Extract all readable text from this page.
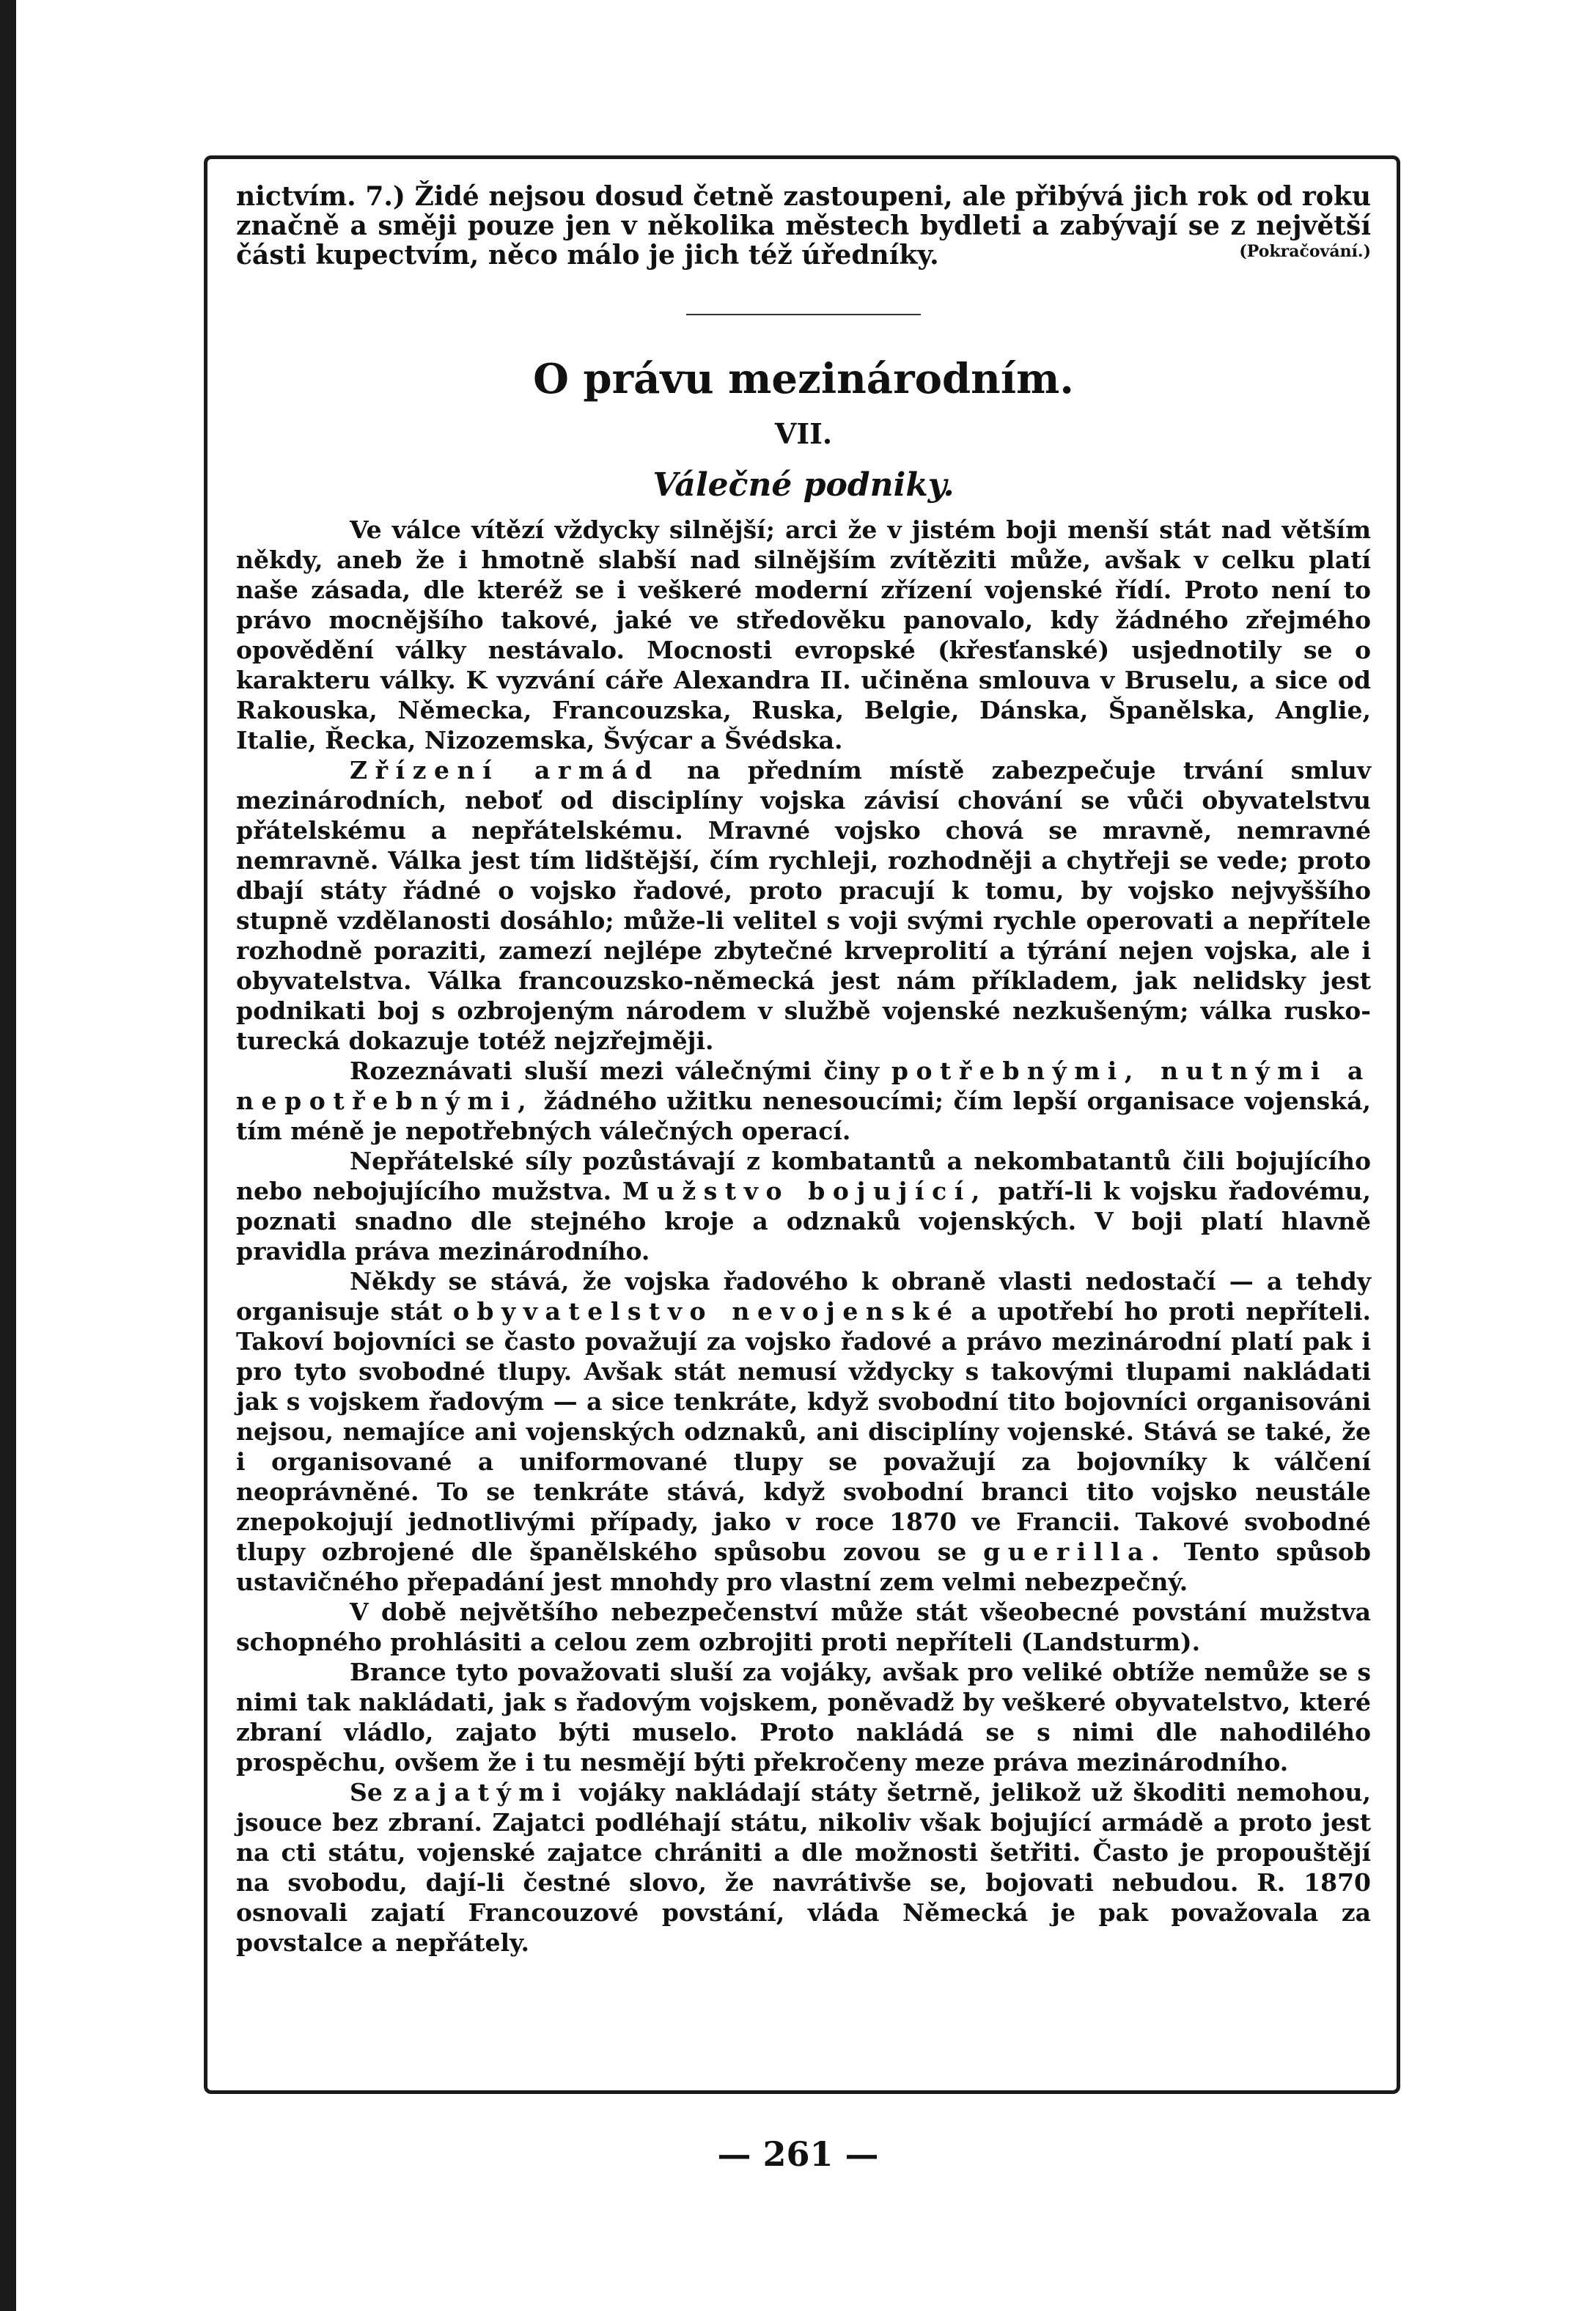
nictvím. 7.) Židé nejsou dosud četně zastoupeni, ale přibývá jich rok od roku značně a směji pouze jen v několika městech bydleti a zabývají se z největší části kupectvím, něco málo je jich též úředníky.	(Pokračování.)
O právu mezinárodním.
VII.
Válečné podniky.

Ve válce vítězí vždycky silnější; arci že v jistém boji menší stát nad větším někdy, aneb že i hmotně slabší nad silnějším zvítěziti může, avšak v celku platí naše zásada, dle kteréž se i veškeré moderní zřízení vojenské řídí. Proto není to právo mocnějšího takové, jaké ve středověku panovalo, kdy žádného zřejmého opovědění války nestávalo. Mocnosti evropské (křesťanské) usjednotily se o karakteru války. K vyzvání cáře Alexandra II. učiněna smlouva v Bruselu, a sice od Rakouska, Německa, Francouzska, Ruska, Belgie, Dánska, Španělska, Anglie, Italie, Řecka, Nizozemska, Švýcar a Švédska.

Zřízení armád na předním místě zabezpečuje trvání smluv mezinárodních, neboť od disciplíny vojska závisí chování se vůči obyvatelstvu přátelskému a nepřátelskému. Mravné vojsko chová se mravně, nemravné nemravně. Válka jest tím lidštější, čím rychleji, rozhodněji a chytřeji se vede; proto dbají státy řádné o vojsko řadové, proto pracují k tomu, by vojsko nejvyššího stupně vzdělanosti dosáhlo; může-li velitel s voji svými rychle operovati a nepřítele rozhodně poraziti, zamezí nejlépe zbytečné krveprolití a týrání nejen vojska, ale i obyvatelstva. Válka francouzsko-německá jest nám příkladem, jak nelidsky jest podnikati boj s ozbrojeným národem v službě vojenské nezkušeným; válka rusko-turecká dokazuje totéž nejzřejměji.

Rozeznávati sluší mezi válečnými činy potřebnými, nutnými a nepotřebnými, žádného užitku nenesoucími; čím lepší organisace vojenská, tím méně je nepotřebných válečných operací.

Nepřátelské síly pozůstávají z kombatantů a nekombatantů čili bojujícího nebo nebojujícího mužstva. Mužstvo bojující, patří-li k vojsku řadovému, poznati snadno dle stejného kroje a odznaků vojenských. V boji platí hlavně pravidla práva mezinárodního.

Někdy se stává, že vojska řadového k obraně vlasti nedostačí — a tehdy organisuje stát obyvatelstvo nevojenské a upotřebí ho proti nepříteli. Takoví bojovníci se často považují za vojsko řadové a právo mezinárodní platí pak i pro tyto svobodné tlupy. Avšak stát nemusí vždycky s takovými tlupami nakládati jak s vojskem řadovým — a sice tenkráte, když svobodní tito bojovníci organisováni nejsou, nemajíce ani vojenských odznaků, ani disciplíny vojenské. Stává se také, že i organisované a uniformované tlupy se považují za bojovníky k válčení neoprávněné. To se tenkráte stává, když svobodní branci tito vojsko neustále znepokojují jednotlivými případy, jako v roce 1870 ve Francii. Takové svobodné tlupy ozbrojené dle španělského spůsobu zovou se guerilla. Tento spůsob ustavičného přepadání jest mnohdy pro vlastní zem velmi nebezpečný.

V době největšího nebezpečenství může stát všeobecné povstání mužstva schopného prohlásiti a celou zem ozbrojiti proti nepříteli (Landsturm).

Brance tyto považovati sluší za vojáky, avšak pro veliké obtíže nemůže se s nimi tak nakládati, jak s řadovým vojskem, poněvadž by veškeré obyvatelstvo, které zbraní vládlo, zajato býti muselo. Proto nakládá se s nimi dle nahodilého prospěchu, ovšem že i tu nesmějí býti překročeny meze práva mezinárodního.

Se zajatými vojáky nakládají státy šetrně, jelikož už škoditi nemohou, jsouce bez zbraní. Zajatci podléhají státu, nikoliv však bojující armádě a proto jest na cti státu, vojenské zajatce chrániti a dle možnosti šetřiti. Často je propouštějí na svobodu, dají-li čestné slovo, že navrátivše se, bojovati nebudou. R. 1870 osnovali zajatí Francouzové povstání, vláda Německá je pak považovala za povstalce a nepřátely.

— 261 —
